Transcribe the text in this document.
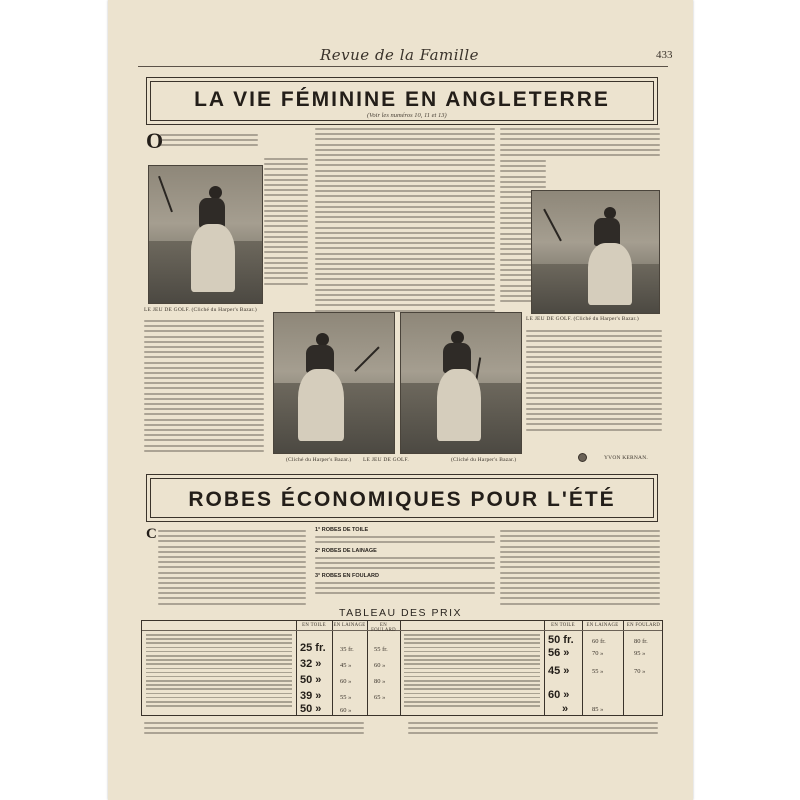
Revue de la Famille	433
LA VIE FÉMININE EN ANGLETERRE
(Voir les numéros 10, 11 et 13)
O
LE JEU DE GOLF. (Cliché du Harper's Bazar.)
LE JEU DE GOLF. (Cliché du Harper's Bazar.)
(Cliché du Harper's Bazar.) LE JEU DE GOLF.	(Cliché du Harper's Bazar.)	YVON KERNAN.
ROBES ÉCONOMIQUES POUR L'ÉTÉ
C	1° ROBES DE TOILE
2° ROBES DE LAINAGE
3° ROBES EN FOULARD
TABLEAU DES PRIX
EN TOILE	EN LAINAGE	EN FOULARD
EN TOILE	EN LAINAGE	EN FOULARD
25 fr. 35 fr.	55 fr.
32 »	45 »	60 »
50 »	60 »	80 »
39 »	55 »	65 »
50 »	60 »
50 fr.	60 fr.	80 fr.
56 »	70 »	95 »
45 »	55 »	70 »
60 »
»	85 »
